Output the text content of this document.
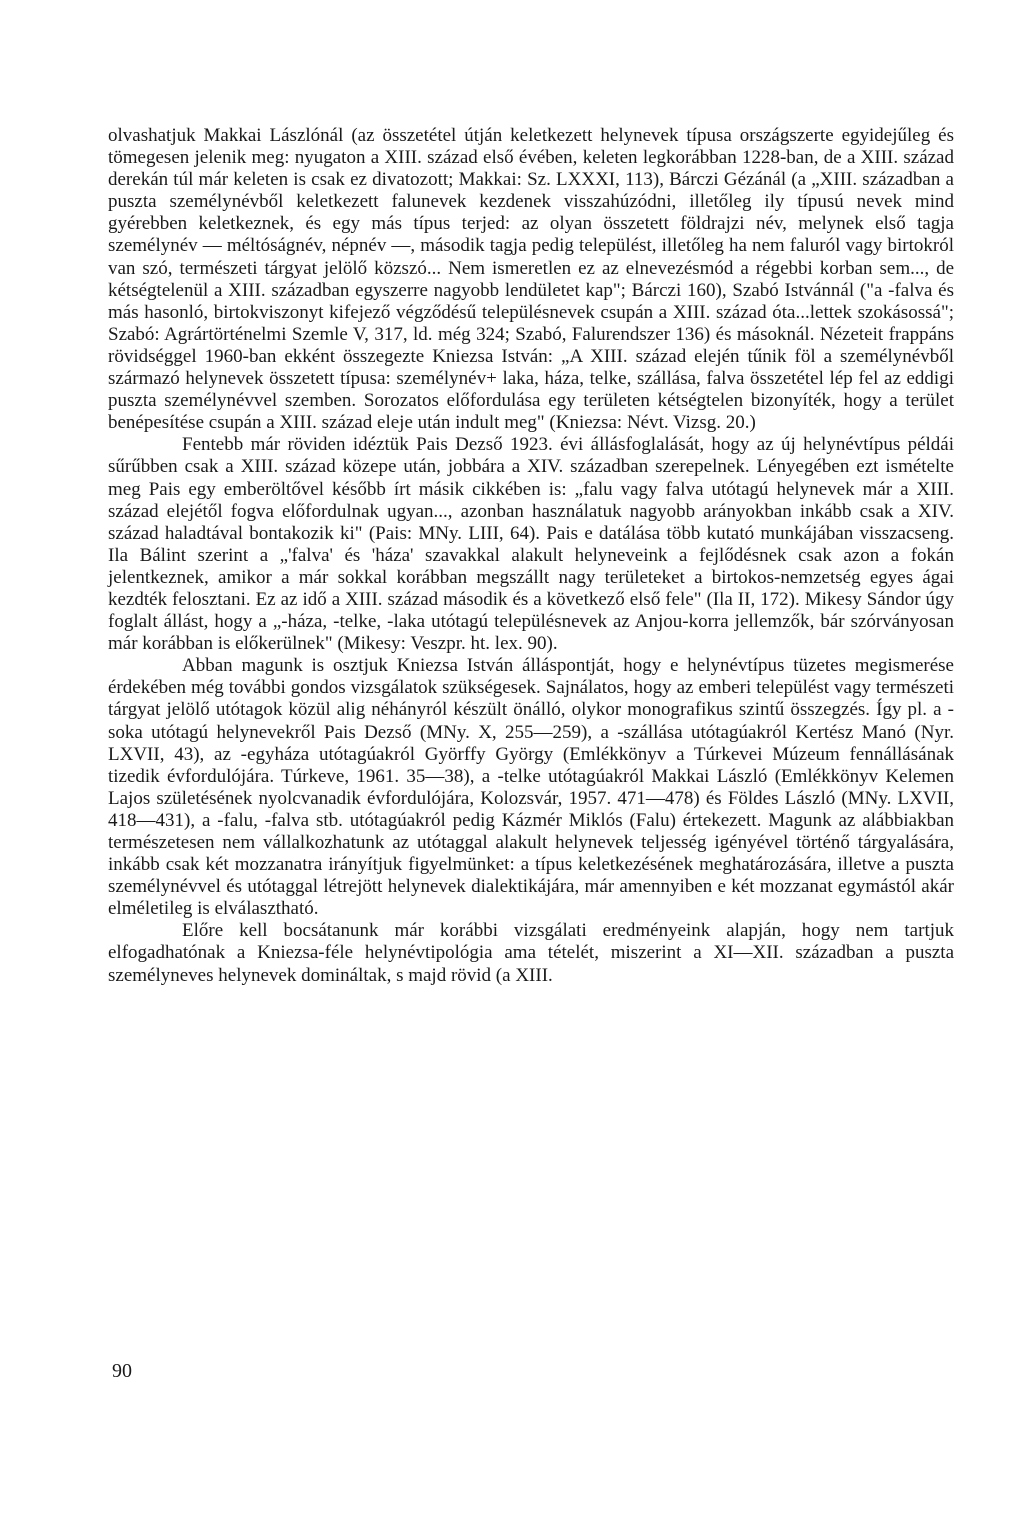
olvashatjuk Makkai Lászlónál (az összetétel útján keletkezett helynevek típusa országszerte egyidejűleg és tömegesen jelenik meg: nyugaton a XIII. század első évében, keleten legkorábban 1228-ban, de a XIII. század derekán túl már keleten is csak ez divatozott; Makkai: Sz. LXXXI, 113), Bárczi Gézánál (a „XIII. században a puszta személynévből keletkezett falunevek kezdenek visszahúzódni, illetőleg ily típusú nevek mind gyérebben keletkeznek, és egy más típus terjed: az olyan összetett földrajzi név, melynek első tagja személynév — méltóságnév, népnév —, második tagja pedig települést, illetőleg ha nem faluról vagy birtokról van szó, természeti tárgyat jelölő közszó... Nem ismeretlen ez az elnevezésmód a régebbi korban sem..., de kétségtelenül a XIII. században egyszerre nagyobb lendületet kap"; Bárczi 160), Szabó Istvánnál ("a -falva és más hasonló, birtokviszonyt kifejező végződésű településnevek csupán a XIII. század óta...lettek szokásossá"; Szabó: Agrártörténelmi Szemle V, 317, ld. még 324; Szabó, Falurendszer 136) és másoknál. Nézeteit frappáns rövidséggel 1960-ban ekként összegezte Kniezsa István: „A XIII. század elején tűnik föl a személynévből származó helynevek összetett típusa: személynév+ laka, háza, telke, szállása, falva összetétel lép fel az eddigi puszta személynévvel szemben. Sorozatos előfordulása egy területen kétségtelen bizonyíték, hogy a terület benépesítése csupán a XIII. század eleje után indult meg" (Kniezsa: Névt. Vizsg. 20.)

Fentebb már röviden idéztük Pais Dezső 1923. évi állásfoglalását, hogy az új helynévtípus példái sűrűbben csak a XIII. század közepe után, jobbára a XIV. században szerepelnek. Lényegében ezt ismételte meg Pais egy emberöltővel később írt másik cikkében is: „falu vagy falva utótagú helynevek már a XIII. század elejétől fogva előfordulnak ugyan..., azonban használatuk nagyobb arányokban inkább csak a XIV. század haladtával bontakozik ki" (Pais: MNy. LIII, 64). Pais e datálása több kutató munkájában visszacseng. Ila Bálint szerint a „'falva' és 'háza' szavakkal alakult helyneveink a fejlődésnek csak azon a fokán jelentkeznek, amikor a már sokkal korábban megszállt nagy területeket a birtokos-nemzetség egyes ágai kezdték felosztani. Ez az idő a XIII. század második és a következő első fele" (Ila II, 172). Mikesy Sándor úgy foglalt állást, hogy a „-háza, -telke, -laka utótagú településnevek az Anjou-korra jellemzők, bár szórványosan már korábban is előkerülnek" (Mikesy: Veszpr. ht. lex. 90).

Abban magunk is osztjuk Kniezsa István álláspontját, hogy e helynévtípus tüzetes megismerése érdekében még további gondos vizsgálatok szükségesek. Sajnálatos, hogy az emberi települést vagy természeti tárgyat jelölő utótagok közül alig néhányról készült önálló, olykor monografikus szintű összegzés. Így pl. a -soka utótagú helynevekről Pais Dezső (MNy. X, 255—259), a -szállása utótagúakról Kertész Manó (Nyr. LXVII, 43), az -egyháza utótagúakról Györffy György (Emlékkönyv a Túrkevei Múzeum fennállásának tizedik évfordulójára. Túrkeve, 1961. 35—38), a -telke utótagúakról Makkai László (Emlékkönyv Kelemen Lajos születésének nyolcvanadik évfordulójára, Kolozsvár, 1957. 471—478) és Földes László (MNy. LXVII, 418—431), a -falu, -falva stb. utótagúakról pedig Kázmér Miklós (Falu) értekezett. Magunk az alábbiakban természetesen nem vállalkozhatunk az utótaggal alakult helynevek teljesség igényével történő tárgyalására, inkább csak két mozzanatra irányítjuk figyelmünket: a típus keletkezésének meghatározására, illetve a puszta személynévvel és utótaggal létrejött helynevek dialektikájára, már amennyiben e két mozzanat egymástól akár elméletileg is elválasztható.

Előre kell bocsátanunk már korábbi vizsgálati eredményeink alapján, hogy nem tartjuk elfogadhatónak a Kniezsa-féle helynévtipológia ama tételét, miszerint a XI—XII. században a puszta személyneves helynevek domináltak, s majd rövid (a XIII.

90
